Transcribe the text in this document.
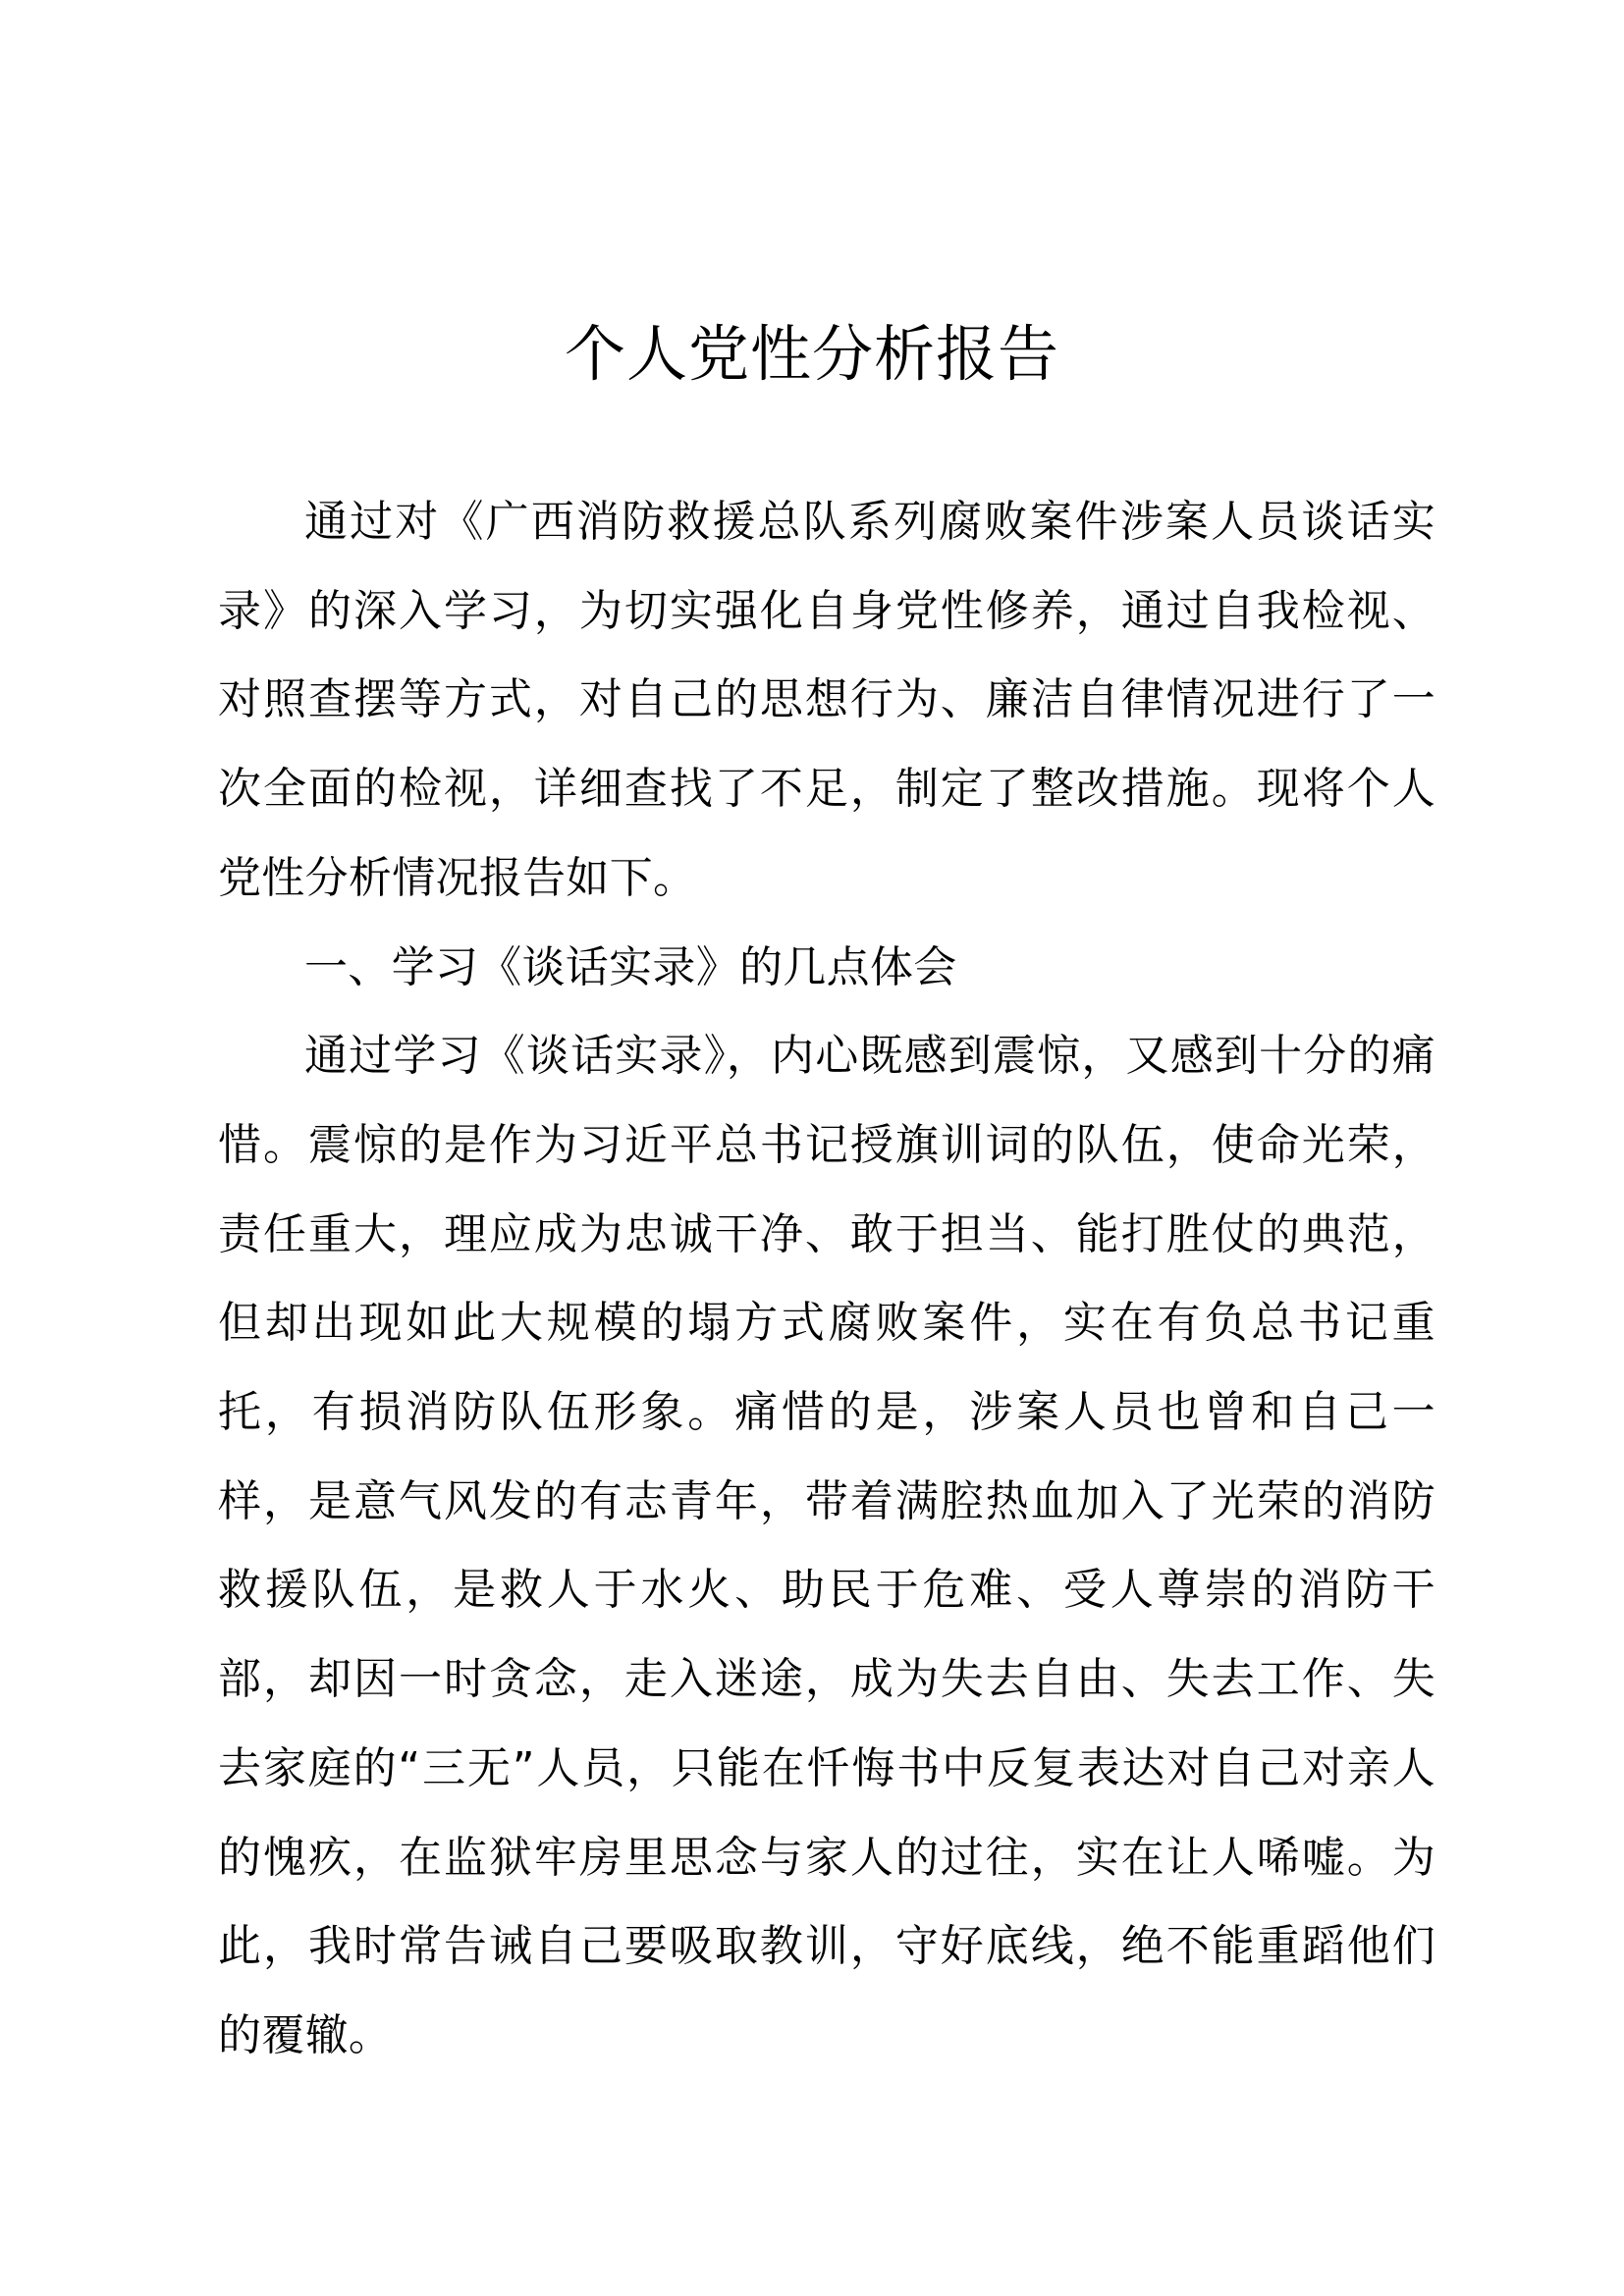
个人党性分析报告

通过对《广西消防救援总队系列腐败案件涉案人员谈话实录》的深入学习，为切实强化自身党性修养，通过自我检视、对照查摆等方式，对自己的思想行为、廉洁自律情况进行了一次全面的检视，详细查找了不足，制定了整改措施。现将个人党性分析情况报告如下。

一、学习《谈话实录》的几点体会

通过学习《谈话实录》，内心既感到震惊，又感到十分的痛惜。震惊的是作为习近平总书记授旗训词的队伍，使命光荣，责任重大，理应成为忠诚干净、敢于担当、能打胜仗的典范，但却出现如此大规模的塌方式腐败案件，实在有负总书记重托，有损消防队伍形象。痛惜的是，涉案人员也曾和自己一样，是意气风发的有志青年，带着满腔热血加入了光荣的消防救援队伍，是救人于水火、助民于危难、受人尊崇的消防干部，却因一时贪念，走入迷途，成为失去自由、失去工作、失去家庭的“三无”人员，只能在忏悔书中反复表达对自己对亲人的愧疚，在监狱牢房里思念与家人的过往，实在让人唏嘘。为此，我时常告诫自己要吸取教训，守好底线，绝不能重蹈他们的覆辙。
